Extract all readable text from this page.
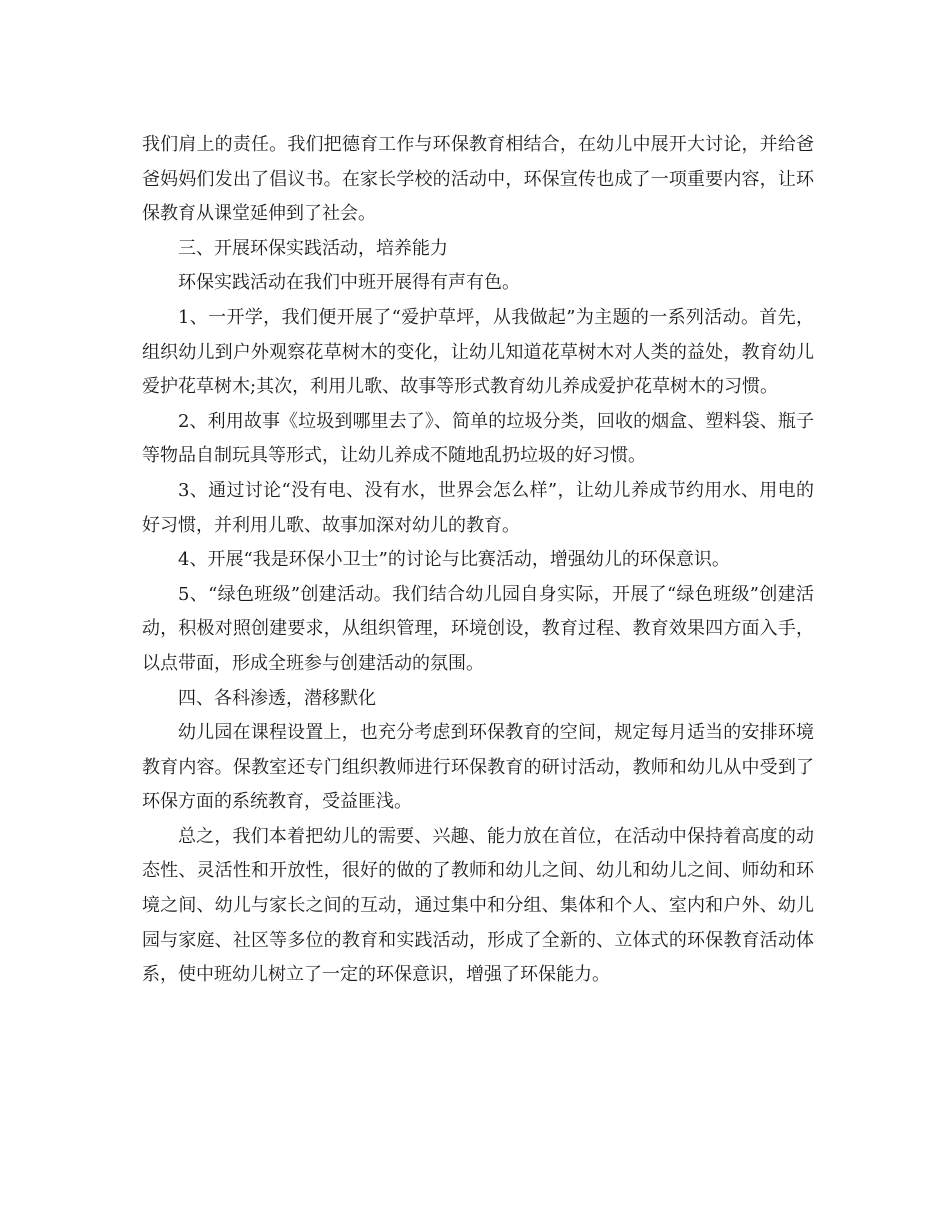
我们肩上的责任。我们把德育工作与环保教育相结合，在幼儿中展开大讨论，并给爸爸妈妈们发出了倡议书。在家长学校的活动中，环保宣传也成了一项重要内容，让环保教育从课堂延伸到了社会。

三、开展环保实践活动，培养能力

环保实践活动在我们中班开展得有声有色。

1、一开学，我们便开展了“爱护草坪，从我做起”为主题的一系列活动。首先，组织幼儿到户外观察花草树木的变化，让幼儿知道花草树木对人类的益处，教育幼儿爱护花草树木;其次，利用儿歌、故事等形式教育幼儿养成爱护花草树木的习惯。

2、利用故事《垃圾到哪里去了》、简单的垃圾分类，回收的烟盒、塑料袋、瓶子等物品自制玩具等形式，让幼儿养成不随地乱扔垃圾的好习惯。

3、通过讨论“没有电、没有水，世界会怎么样”，让幼儿养成节约用水、用电的好习惯，并利用儿歌、故事加深对幼儿的教育。

4、开展“我是环保小卫士”的讨论与比赛活动，增强幼儿的环保意识。

5、“绿色班级”创建活动。我们结合幼儿园自身实际，开展了“绿色班级”创建活动，积极对照创建要求，从组织管理，环境创设，教育过程、教育效果四方面入手，以点带面，形成全班参与创建活动的氛围。

四、各科渗透，潜移默化

幼儿园在课程设置上，也充分考虑到环保教育的空间，规定每月适当的安排环境教育内容。保教室还专门组织教师进行环保教育的研讨活动，教师和幼儿从中受到了环保方面的系统教育，受益匪浅。

总之，我们本着把幼儿的需要、兴趣、能力放在首位，在活动中保持着高度的动态性、灵活性和开放性，很好的做的了教师和幼儿之间、幼儿和幼儿之间、师幼和环境之间、幼儿与家长之间的互动，通过集中和分组、集体和个人、室内和户外、幼儿园与家庭、社区等多位的教育和实践活动，形成了全新的、立体式的环保教育活动体系，使中班幼儿树立了一定的环保意识，增强了环保能力。
